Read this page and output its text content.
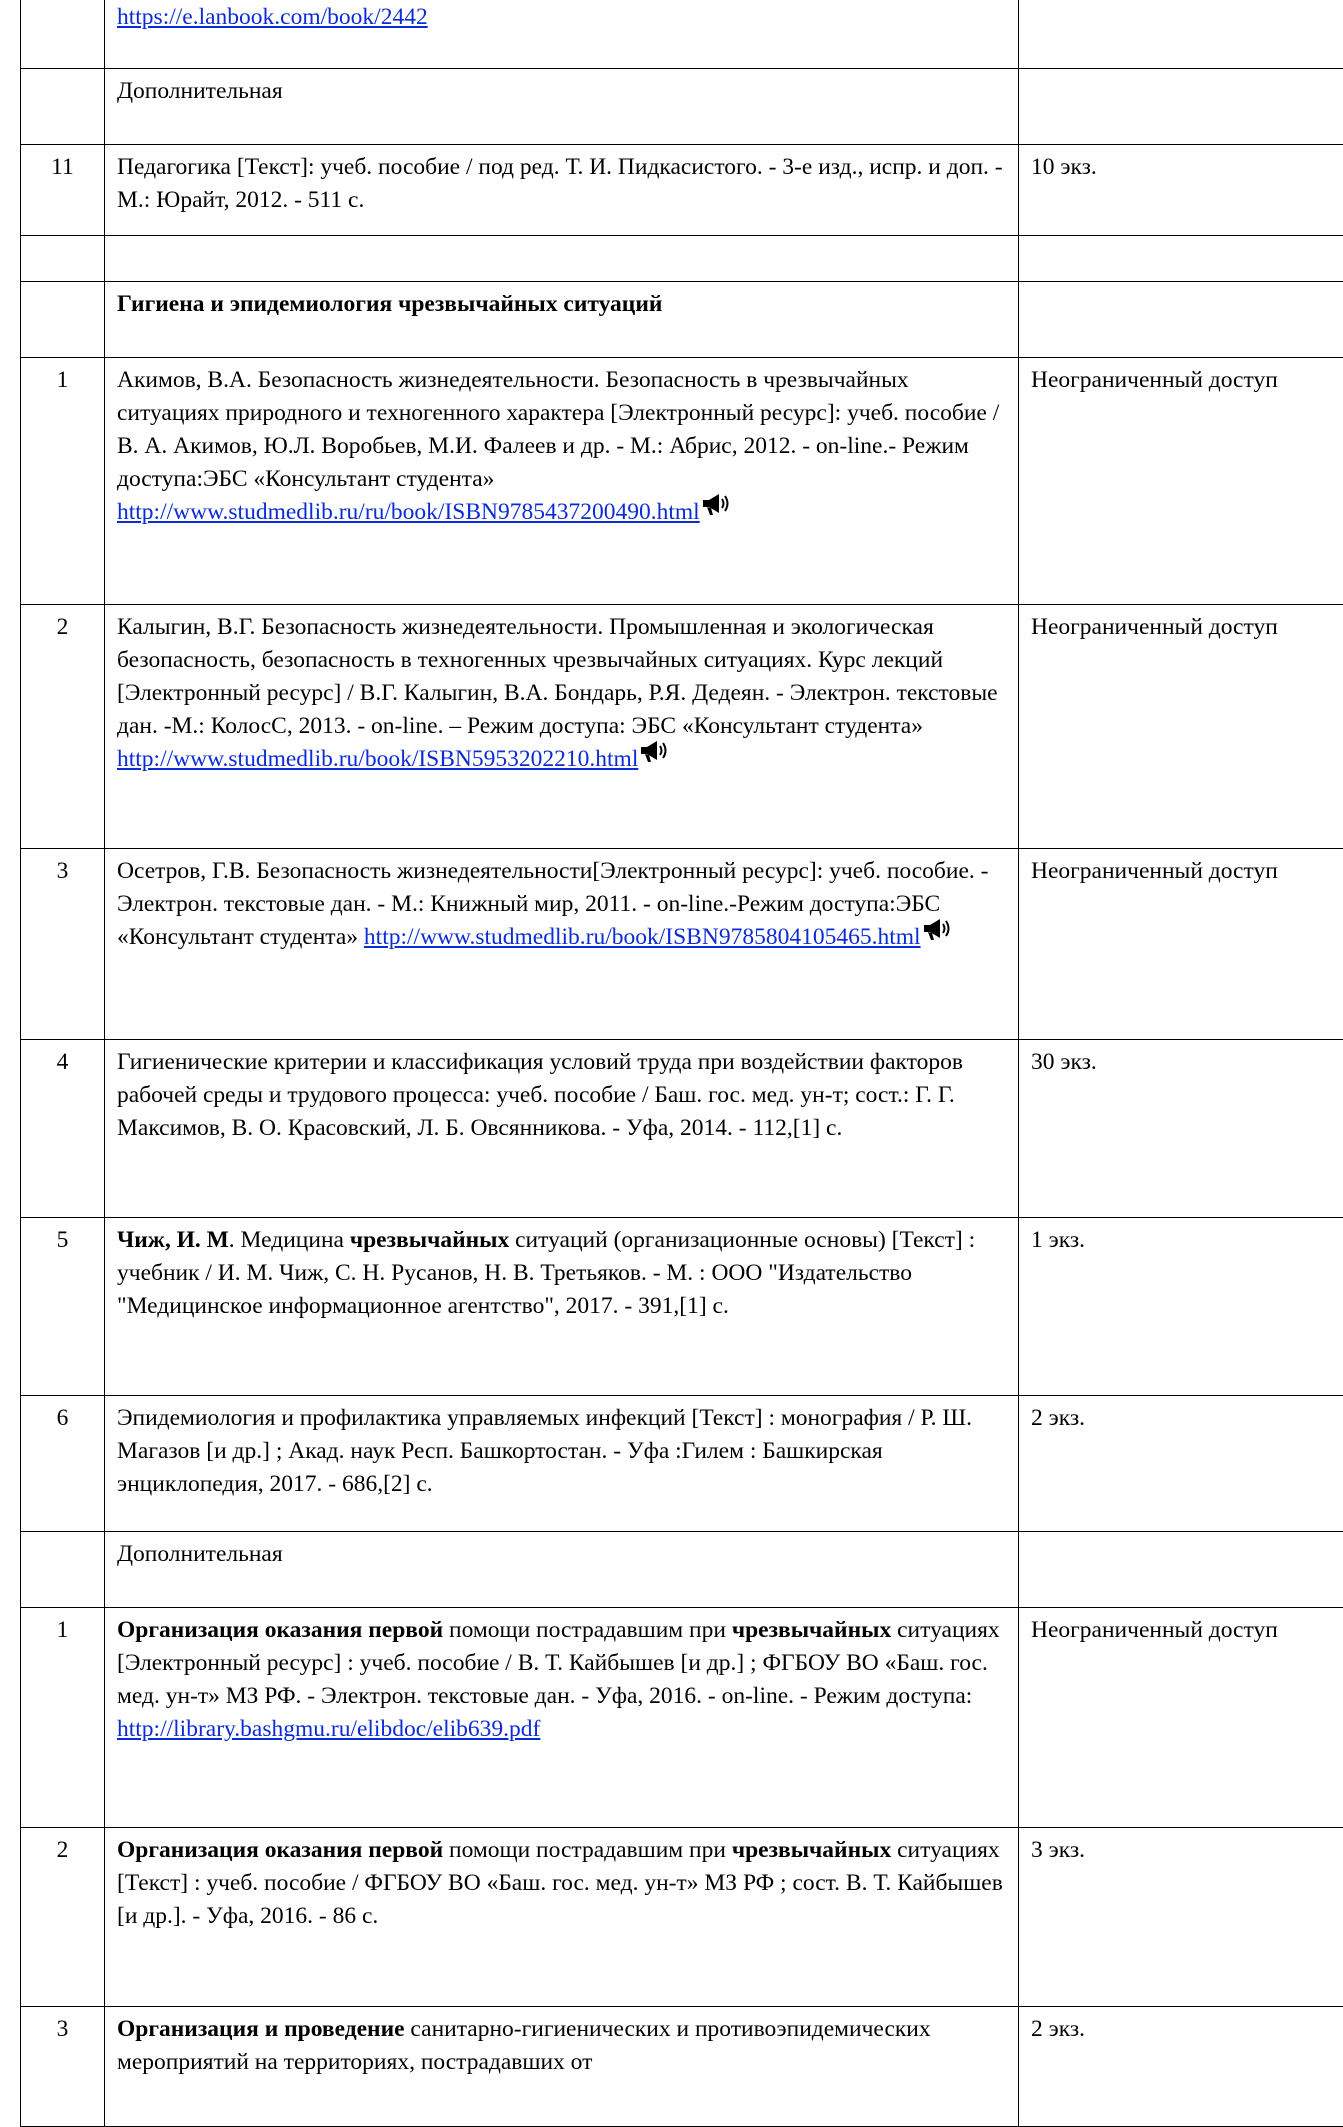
	https://e.lanbook.com/book/2442	
	Дополнительная	
11	Педагогика [Текст]: учеб. пособие / под ред. Т. И. Пидкасистого. - 3-е изд., испр. и доп. - М.: Юрайт, 2012. - 511 с.	10 экз.

	Гигиена и эпидемиология чрезвычайных ситуаций	
1	Акимов, В.А. Безопасность жизнедеятельности. Безопасность в чрезвычайных ситуациях природного и техногенного характера [Электронный ресурс]: учеб. пособие / В. А. Акимов, Ю.Л. Воробьев, М.И. Фалеев и др. - М.: Абрис, 2012. - on-line.- Режим доступа:ЭБС «Консультант студента» http://www.studmedlib.ru/ru/book/ISBN9785437200490.html	Неограниченный доступ
2	Калыгин, В.Г. Безопасность жизнедеятельности. Промышленная и экологическая безопасность, безопасность в техногенных чрезвычайных ситуациях. Курс лекций [Электронный ресурс] / В.Г. Калыгин, В.А. Бондарь, Р.Я. Дедеян. - Электрон. текстовые дан. -М.: КолосС, 2013. - on-line. – Режим доступа: ЭБС «Консультант студента» http://www.studmedlib.ru/book/ISBN5953202210.html	Неограниченный доступ
3	Осетров, Г.В. Безопасность жизнедеятельности[Электронный ресурс]: учеб. пособие. - Электрон. текстовые дан. - М.: Книжный мир, 2011. - on-line.-Режим доступа:ЭБС «Консультант студента» http://www.studmedlib.ru/book/ISBN9785804105465.html	Неограниченный доступ
4	Гигиенические критерии и классификация условий труда при воздействии факторов рабочей среды и трудового процесса: учеб. пособие / Баш. гос. мед. ун-т; сост.: Г. Г. Максимов, В. О. Красовский, Л. Б. Овсянникова. - Уфа, 2014. - 112,[1] с.	30 экз.
5	Чиж, И. М. Медицина чрезвычайных ситуаций (организационные основы) [Текст] : учебник / И. М. Чиж, С. Н. Русанов, Н. В. Третьяков. - М. : ООО "Издательство "Медицинское информационное агентство", 2017. - 391,[1] с.	1 экз.
6	Эпидемиология и профилактика управляемых инфекций [Текст] : монография / Р. Ш. Магазов [и др.] ; Акад. наук Респ. Башкортостан. - Уфа :Гилем : Башкирская энциклопедия, 2017. - 686,[2] с.	2 экз.
	Дополнительная	
1	Организация оказания первой помощи пострадавшим при чрезвычайных ситуациях [Электронный ресурс] : учеб. пособие / В. Т. Кайбышев [и др.] ; ФГБОУ ВО «Баш. гос. мед. ун-т» МЗ РФ. - Электрон. текстовые дан. - Уфа, 2016. - on-line. - Режим доступа: http://library.bashgmu.ru/elibdoc/elib639.pdf	Неограниченный доступ
2	Организация оказания первой помощи пострадавшим при чрезвычайных ситуациях [Текст] : учеб. пособие / ФГБОУ ВО «Баш. гос. мед. ун-т» МЗ РФ ; сост. В. Т. Кайбышев [и др.]. - Уфа, 2016. - 86 с.	3 экз.
3	Организация и проведение санитарно-гигиенических и противоэпидемических мероприятий на территориях, пострадавших от	2 экз.
